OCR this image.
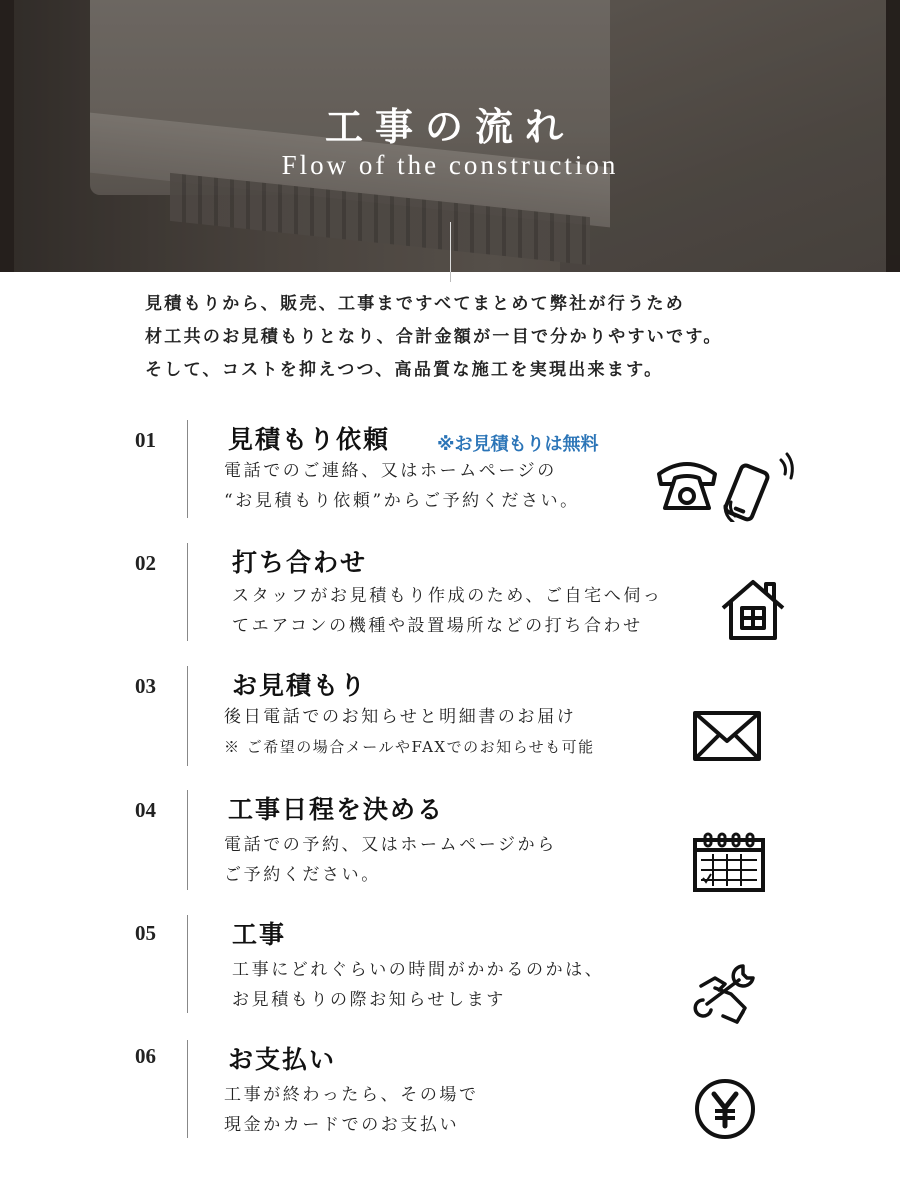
工事の流れ
Flow of the construction
見積もりから、販売、工事まですべてまとめて弊社が行うため
材工共のお見積もりとなり、合計金額が一目で分かりやすいです。
そして、コストを抑えつつ、高品質な施工を実現出来ます。
01	見積もり依頼	※お見積もりは無料
電話でのご連絡、又はホームページの
“お見積もり依頼”からご予約ください。
02	打ち合わせ
スタッフがお見積もり作成のため、ご自宅へ伺っ
てエアコンの機種や設置場所などの打ち合わせ
03	お見積もり
後日電話でのお知らせと明細書のお届け
※ ご希望の場合メールやFAXでのお知らせも可能
04	工事日程を決める
電話での予約、又はホームページから
ご予約ください。
05	工事
工事にどれぐらいの時間がかかるのかは、
お見積もりの際お知らせします
06	お支払い
工事が終わったら、その場で
現金かカードでのお支払い
